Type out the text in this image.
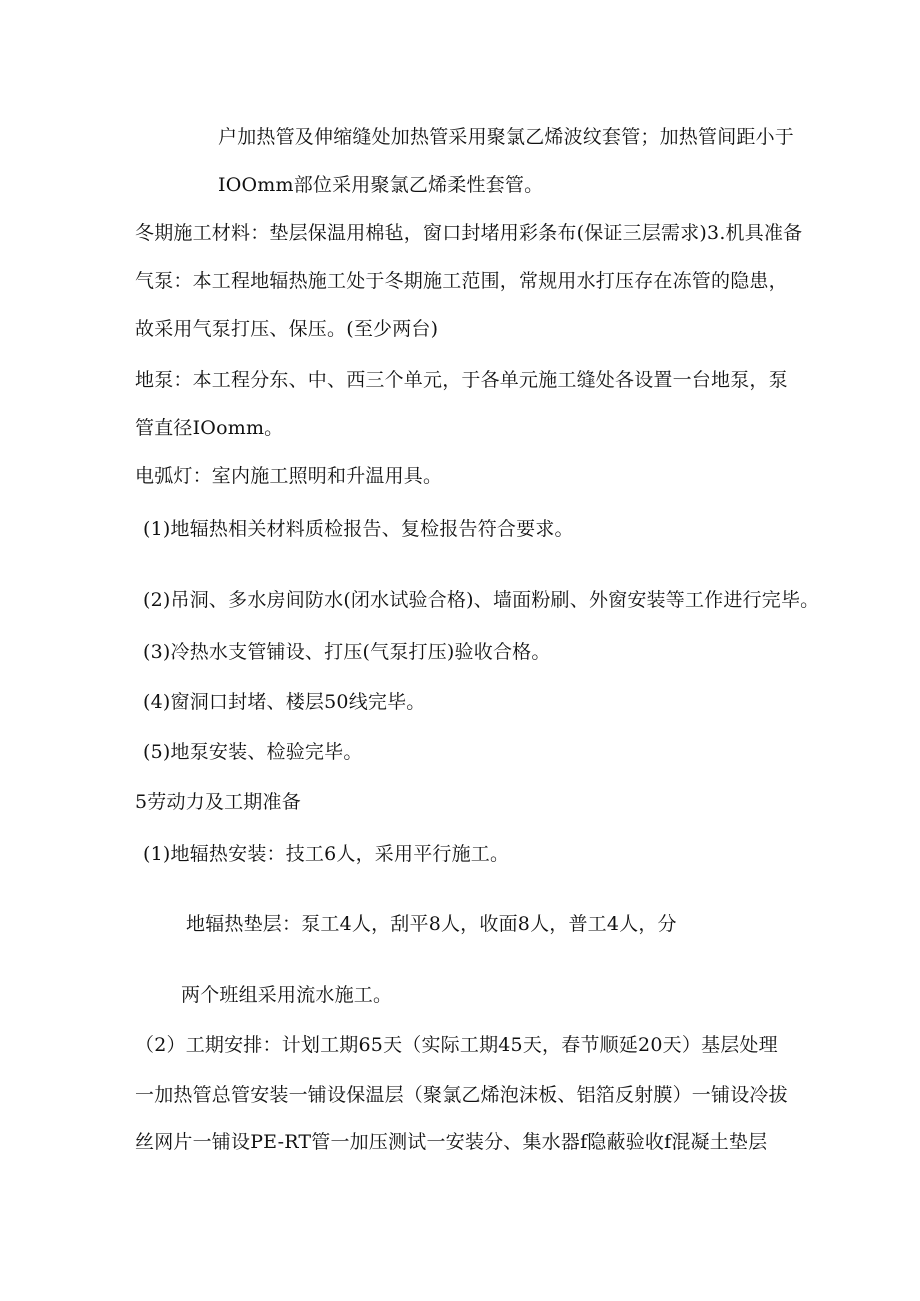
户加热管及伸缩缝处加热管采用聚氯乙烯波纹套管；加热管间距小于
IOOmm部位采用聚氯乙烯柔性套管。
冬期施工材料：垫层保温用棉毡，窗口封堵用彩条布(保证三层需求)3.机具准备
气泵：本工程地辐热施工处于冬期施工范围，常规用水打压存在冻管的隐患，
故采用气泵打压、保压。(至少两台)
地泵：本工程分东、中、西三个单元，于各单元施工缝处各设置一台地泵，泵
管直径IOomm。
电弧灯：室内施工照明和升温用具。
(1)地辐热相关材料质检报告、复检报告符合要求。
(2)吊洞、多水房间防水(闭水试验合格)、墙面粉刷、外窗安装等工作进行完毕。
(3)冷热水支管铺设、打压(气泵打压)验收合格。
(4)窗洞口封堵、楼层50线完毕。
(5)地泵安装、检验完毕。
5劳动力及工期准备
(1)地辐热安装：技工6人，采用平行施工。
地辐热垫层：泵工4人，刮平8人，收面8人，普工4人，分
两个班组采用流水施工。
（2）工期安排：计划工期65天（实际工期45天，春节顺延20天）基层处理
一加热管总管安装一铺设保温层（聚氯乙烯泡沫板、铝箔反射膜）一铺设冷拔
丝网片一铺设PE-RT管一加压测试一安装分、集水器f隐蔽验收f混凝土垫层
